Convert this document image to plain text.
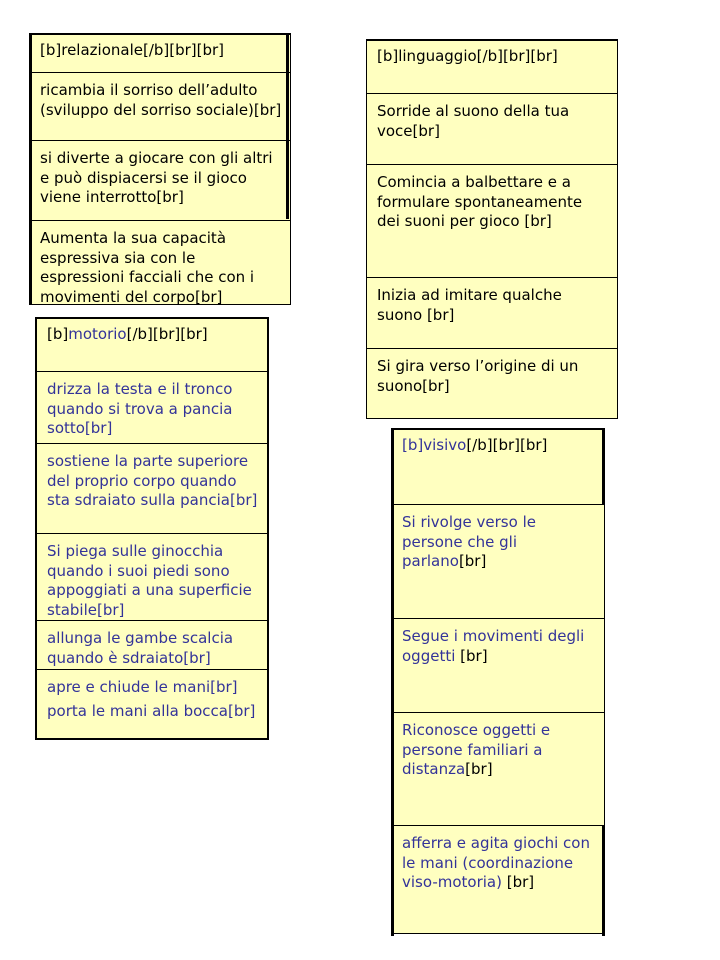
[b]relazionale[/b][br][br]
ricambia il sorriso dell’adulto (sviluppo del sorriso sociale)[br]
si diverte a giocare con gli altri e può dispiacersi se il gioco viene interrotto[br]
Aumenta la sua capacità espressiva sia con le espressioni facciali che con i movimenti del corpo[br]
[b]linguaggio[/b][br][br]
Sorride al suono della tua voce[br]
Comincia a balbettare e a formulare spontaneamente dei suoni per gioco [br]
Inizia ad imitare qualche suono [br]
Si gira verso l’origine di un suono[br]
[b]motorio[/b][br][br]
drizza la testa e il tronco quando si trova a pancia sotto[br]
sostiene la parte superiore del proprio corpo quando sta sdraiato sulla pancia[br]
Si piega sulle ginocchia quando i suoi piedi sono appoggiati a una superficie stabile[br]
allunga le gambe scalcia quando è sdraiato[br]
apre e chiude le mani[br]
porta le mani alla bocca[br]
[b]visivo[/b][br][br]
Si rivolge verso le persone che gli parlano[br]
Segue i movimenti degli oggetti [br]
Riconosce oggetti e persone familiari a distanza[br]
afferra e agita giochi con le mani (coordinazione viso-motoria) [br]
